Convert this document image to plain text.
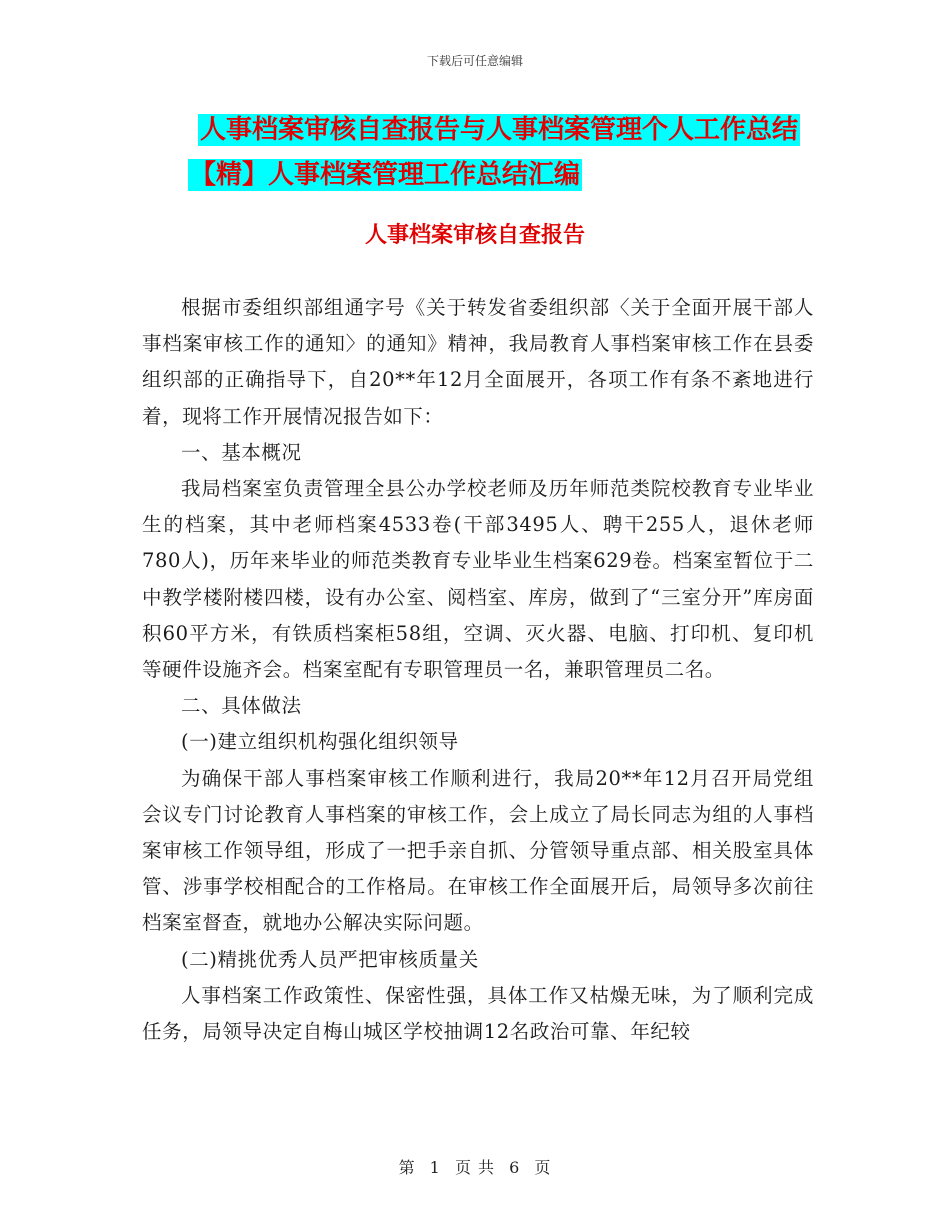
下载后可任意编辑
人事档案审核自查报告与人事档案管理个人工作总结
【精】人事档案管理工作总结汇编
人事档案审核自查报告

根据市委组织部组通字号《关于转发省委组织部〈关于全面开展干部人事档案审核工作的通知〉的通知》精神，我局教育人事档案审核工作在县委组织部的正确指导下，自20**年12月全面展开，各项工作有条不紊地进行着，现将工作开展情况报告如下：

一、基本概况

我局档案室负责管理全县公办学校老师及历年师范类院校教育专业毕业生的档案，其中老师档案4533卷(干部3495人、聘干255人，退休老师780人)，历年来毕业的师范类教育专业毕业生档案629卷。档案室暂位于二中教学楼附楼四楼，设有办公室、阅档室、库房，做到了“三室分开”库房面积60平方米，有铁质档案柜58组，空调、灭火器、电脑、打印机、复印机等硬件设施齐会。档案室配有专职管理员一名，兼职管理员二名。

二、具体做法

(一)建立组织机构强化组织领导

为确保干部人事档案审核工作顺利进行，我局20**年12月召开局党组会议专门讨论教育人事档案的审核工作，会上成立了局长同志为组的人事档案审核工作领导组，形成了一把手亲自抓、分管领导重点部、相关股室具体管、涉事学校相配合的工作格局。在审核工作全面展开后，局领导多次前往档案室督查，就地办公解决实际问题。

(二)精挑优秀人员严把审核质量关

人事档案工作政策性、保密性强，具体工作又枯燥无味，为了顺利完成任务，局领导决定自梅山城区学校抽调12名政治可靠、年纪较

第 1 页 共 6 页
